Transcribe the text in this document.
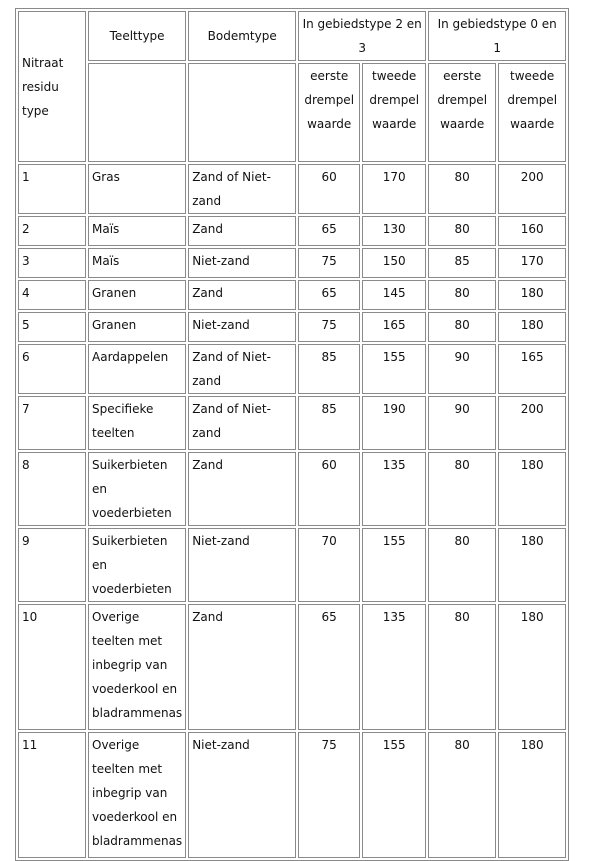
Nitraat residu type	Teelttype	Bodemtype	In gebiedstype 2 en 3		In gebiedstype 0 en 1	
			eerste drempel waarde	tweede drempel waarde	eerste drempel waarde	tweede drempel waarde
1	Gras	Zand of Niet-zand	60	170	80	200
2	Maïs	Zand	65	130	80	160
3	Maïs	Niet-zand	75	150	85	170
4	Granen	Zand	65	145	80	180
5	Granen	Niet-zand	75	165	80	180
6	Aardappelen	Zand of Niet-zand	85	155	90	165
7	Specifieke teelten	Zand of Niet-zand	85	190	90	200
8	Suikerbieten en voederbieten	Zand	60	135	80	180
9	Suikerbieten en voederbieten	Niet-zand	70	155	80	180
10	Overige teelten met inbegrip van voederkool en bladrammenas	Zand	65	135	80	180
11	Overige teelten met inbegrip van voederkool en bladrammenas	Niet-zand	75	155	80	180
